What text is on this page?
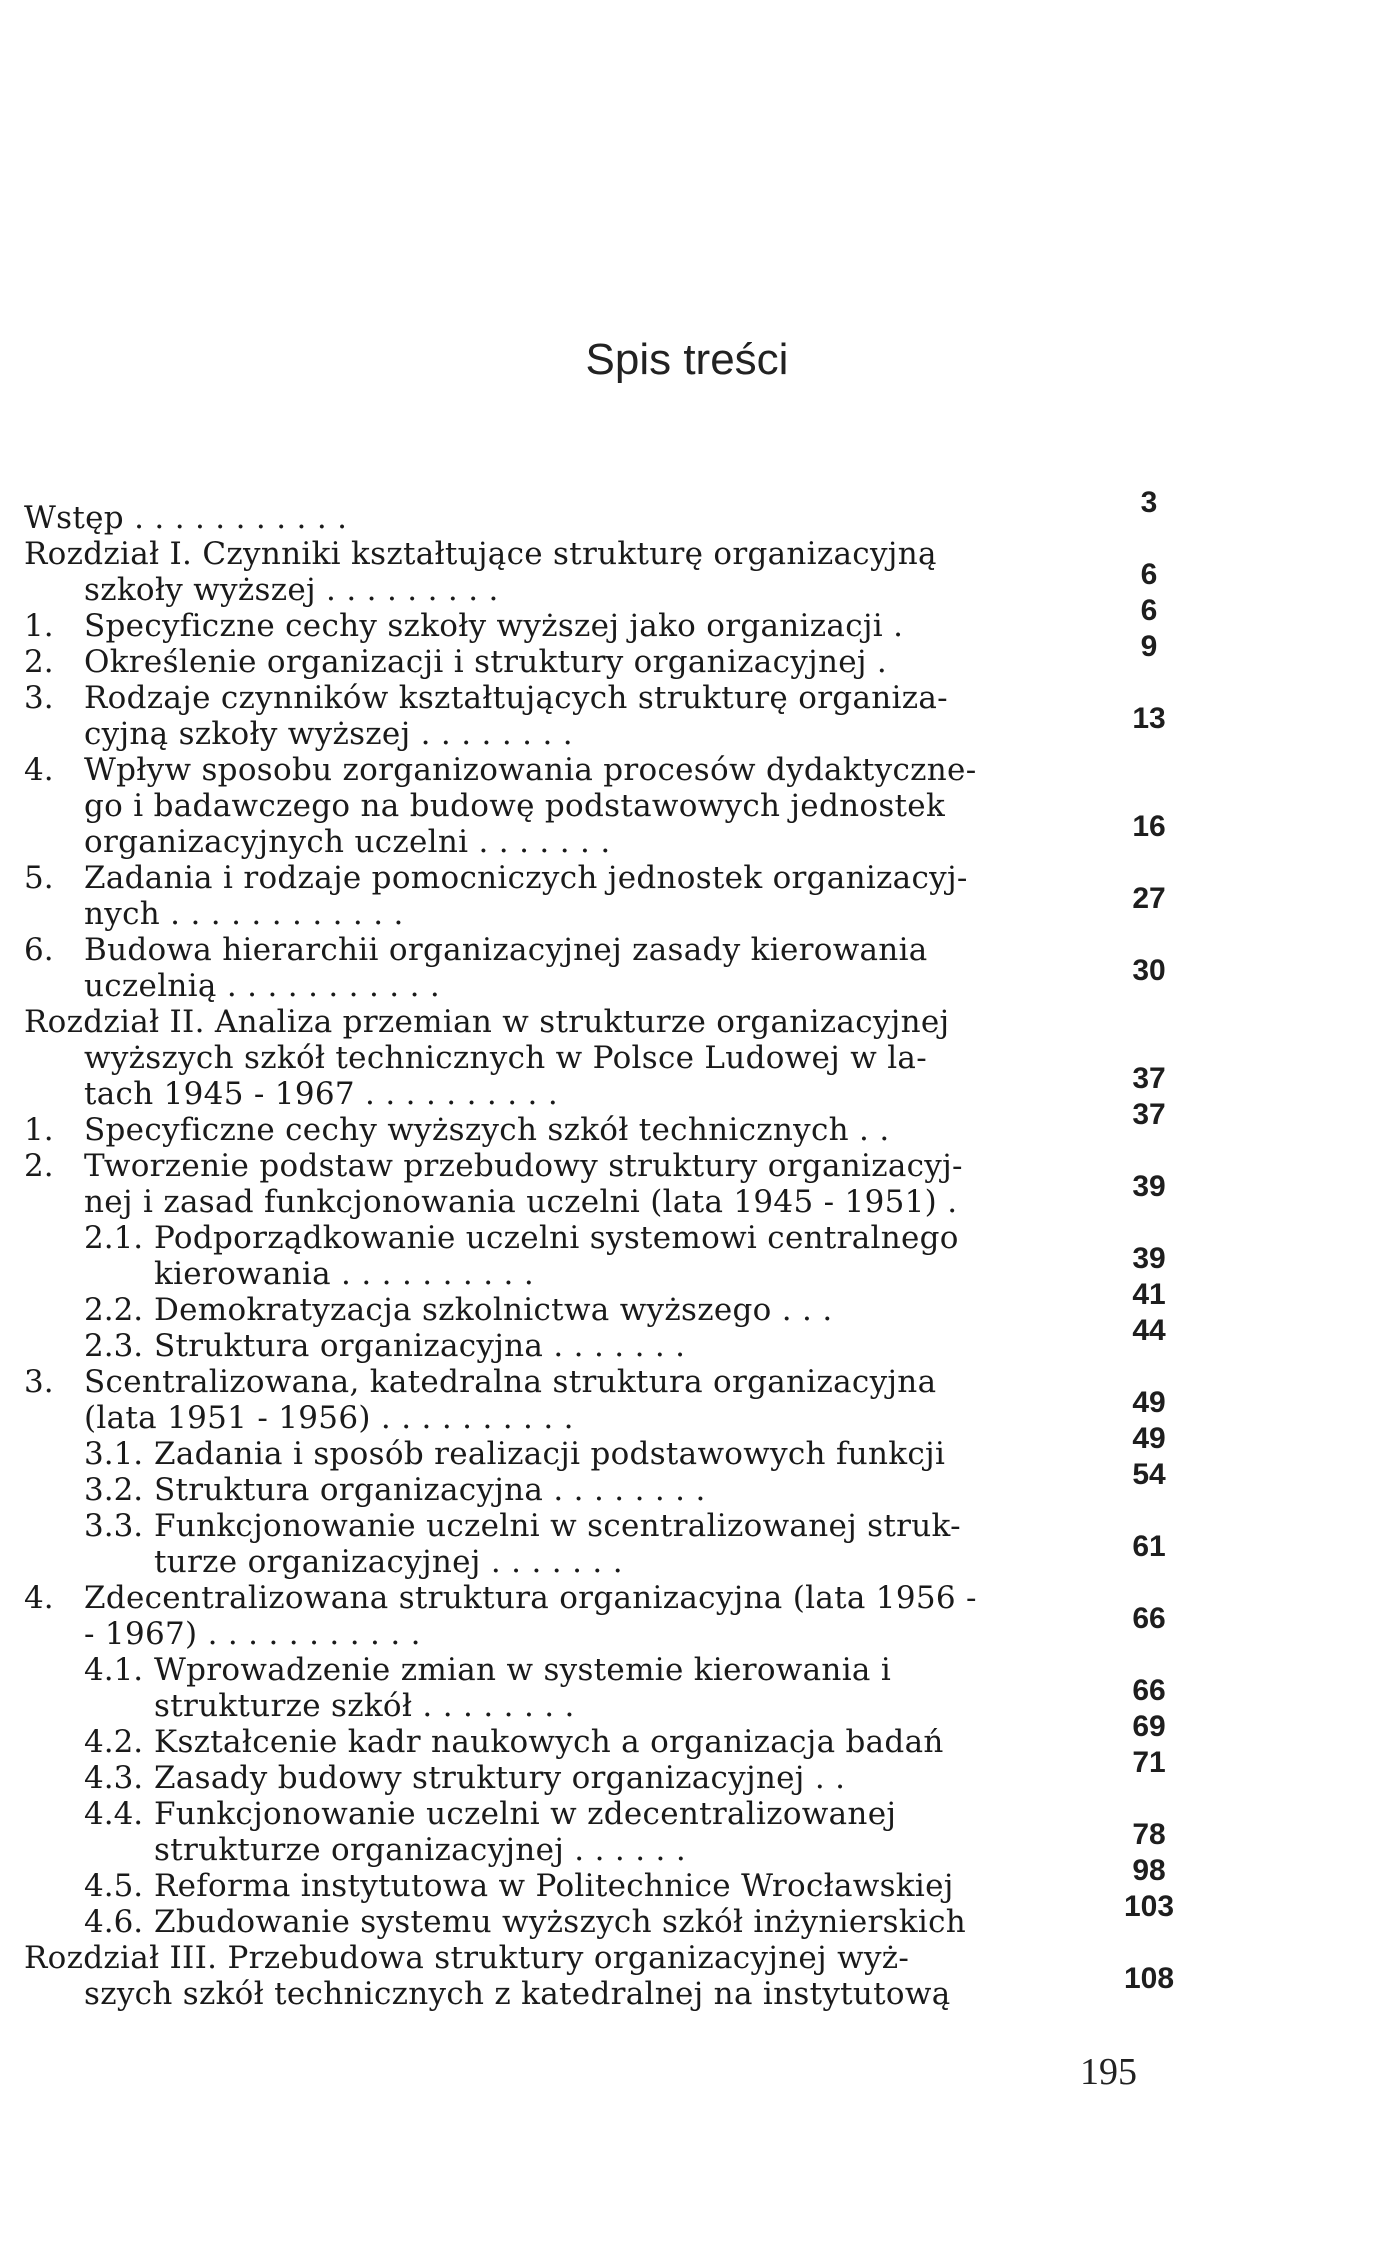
Spis treści
Wstęp . . . . . . . . . . .	3
Rozdział I. Czynniki kształtujące strukturę organizacyjną
szkoły wyższej . . . . . . . . .	6
1. Specyficzne cechy szkoły wyższej jako organizacji .	6
2. Określenie organizacji i struktury organizacyjnej .	9
3. Rodzaje czynników kształtujących strukturę organiza-
cyjną szkoły wyższej . . . . . . . .	13
4. Wpływ sposobu zorganizowania procesów dydaktyczne-
go i badawczego na budowę podstawowych jednostek
organizacyjnych uczelni . . . . . . .	16
5. Zadania i rodzaje pomocniczych jednostek organizacyj-
nych . . . . . . . . . . . .	27
6. Budowa hierarchii organizacyjnej zasady kierowania
uczelnią . . . . . . . . . . .	30
Rozdział II. Analiza przemian w strukturze organizacyjnej
wyższych szkół technicznych w Polsce Ludowej w la-
tach 1945 - 1967 . . . . . . . . . .	37
1. Specyficzne cechy wyższych szkół technicznych . .	37
2. Tworzenie podstaw przebudowy struktury organizacyj-
nej i zasad funkcjonowania uczelni (lata 1945 - 1951) .	39
2.1. Podporządkowanie uczelni systemowi centralnego
kierowania . . . . . . . . . .	39
2.2. Demokratyzacja szkolnictwa wyższego . . .	41
2.3. Struktura organizacyjna . . . . . . .	44
3. Scentralizowana, katedralna struktura organizacyjna
(lata 1951 - 1956) . . . . . . . . . .	49
3.1. Zadania i sposób realizacji podstawowych funkcji	49
3.2. Struktura organizacyjna . . . . . . . .	54
3.3. Funkcjonowanie uczelni w scentralizowanej struk-
turze organizacyjnej . . . . . . .	61
4. Zdecentralizowana struktura organizacyjna (lata 1956 -
- 1967) . . . . . . . . . . .	66
4.1. Wprowadzenie zmian w systemie kierowania i
strukturze szkół . . . . . . . .	66
4.2. Kształcenie kadr naukowych a organizacja badań	69
4.3. Zasady budowy struktury organizacyjnej . .	71
4.4. Funkcjonowanie uczelni w zdecentralizowanej
strukturze organizacyjnej . . . . . .	78
4.5. Reforma instytutowa w Politechnice Wrocławskiej	98
4.6. Zbudowanie systemu wyższych szkół inżynierskich	103
Rozdział III. Przebudowa struktury organizacyjnej wyż-
szych szkół technicznych z katedralnej na instytutową	108
195
